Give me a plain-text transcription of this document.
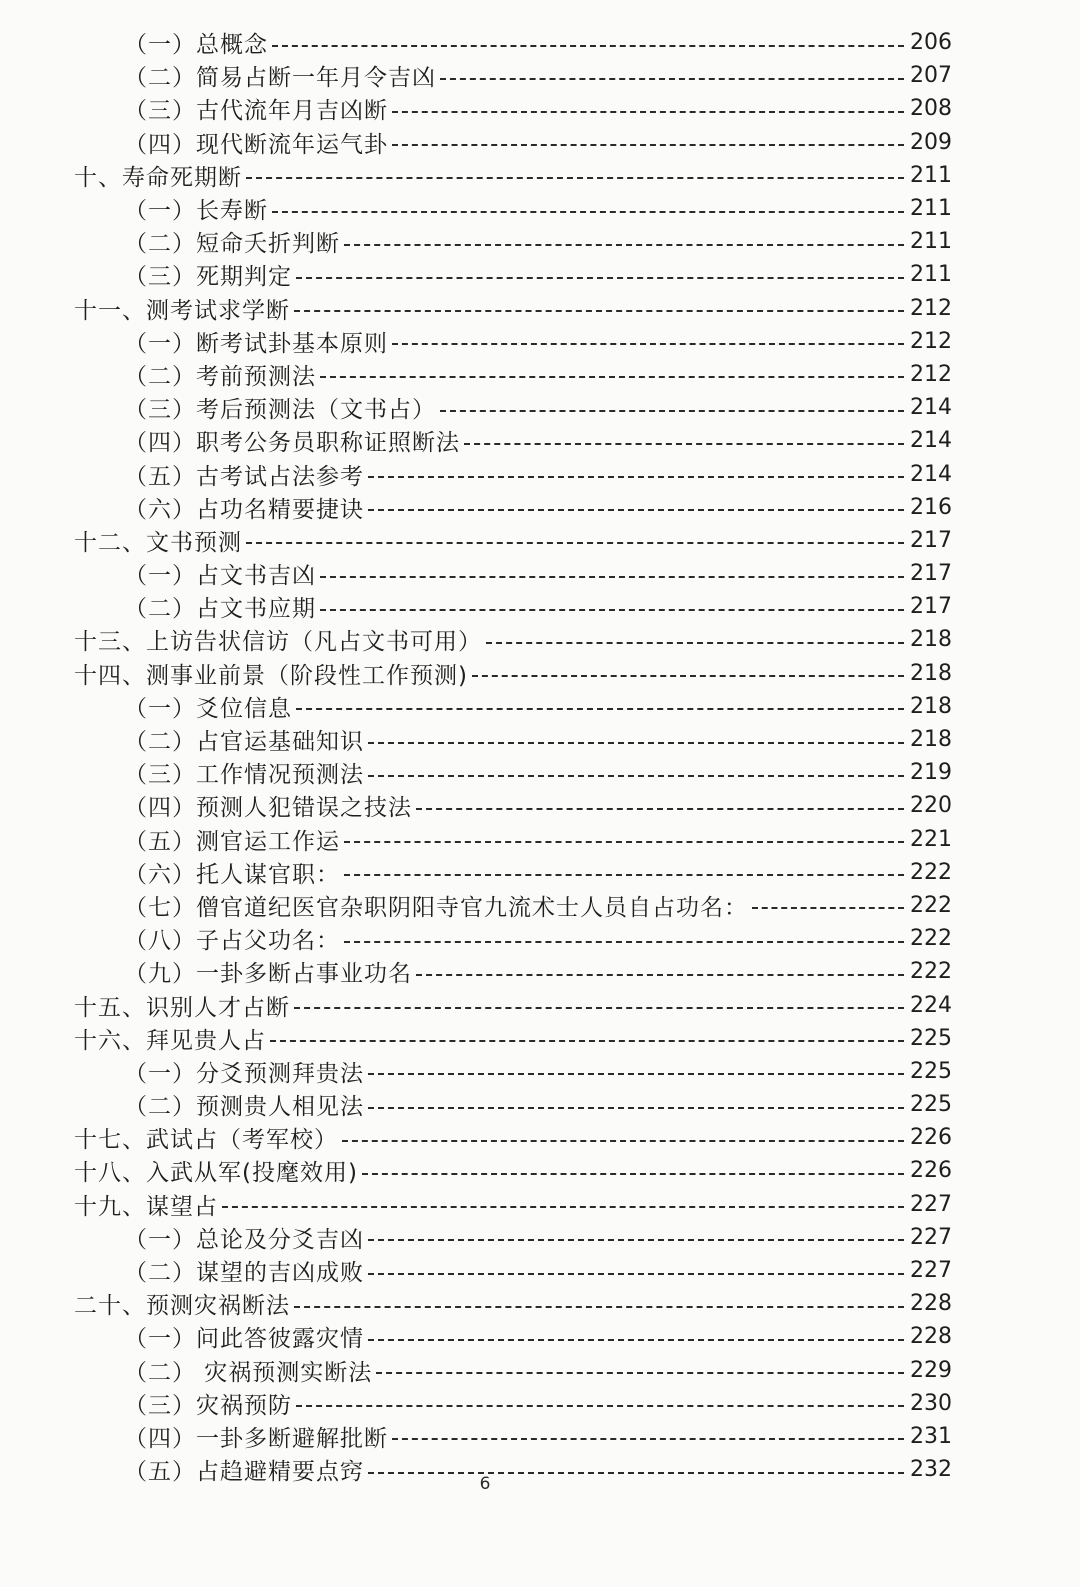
（一）总概念	206
（二）简易占断一年月令吉凶	207
（三）古代流年月吉凶断	208
（四）现代断流年运气卦	209
十、寿命死期断	211
（一）长寿断	211
（二）短命夭折判断	211
（三）死期判定	211
十一、测考试求学断	212
（一）断考试卦基本原则	212
（二）考前预测法	212
（三）考后预测法（文书占）	214
（四）职考公务员职称证照断法	214
（五）古考试占法参考	214
（六）占功名精要捷诀	216
十二、文书预测	217
（一）占文书吉凶	217
（二）占文书应期	217
十三、上访告状信访（凡占文书可用）	218
十四、测事业前景（阶段性工作预测)	218
（一）爻位信息	218
（二）占官运基础知识	218
（三）工作情况预测法	219
（四）预测人犯错误之技法	220
（五）测官运工作运	221
（六）托人谋官职：	222
（七）僧官道纪医官杂职阴阳寺官九流术士人员自占功名：	222
（八）子占父功名：	222
（九）一卦多断占事业功名	222
十五、识别人才占断	224
十六、拜见贵人占	225
（一）分爻预测拜贵法	225
（二）预测贵人相见法	225
十七、武试占（考军校）	226
十八、入武从军(投麾效用)	226
十九、谋望占	227
（一）总论及分爻吉凶	227
（二）谋望的吉凶成败	227
二十、预测灾祸断法	228
（一）问此答彼露灾情	228
（二） 灾祸预测实断法	229
（三）灾祸预防	230
（四）一卦多断避解批断	231
（五）占趋避精要点窍	232
6
